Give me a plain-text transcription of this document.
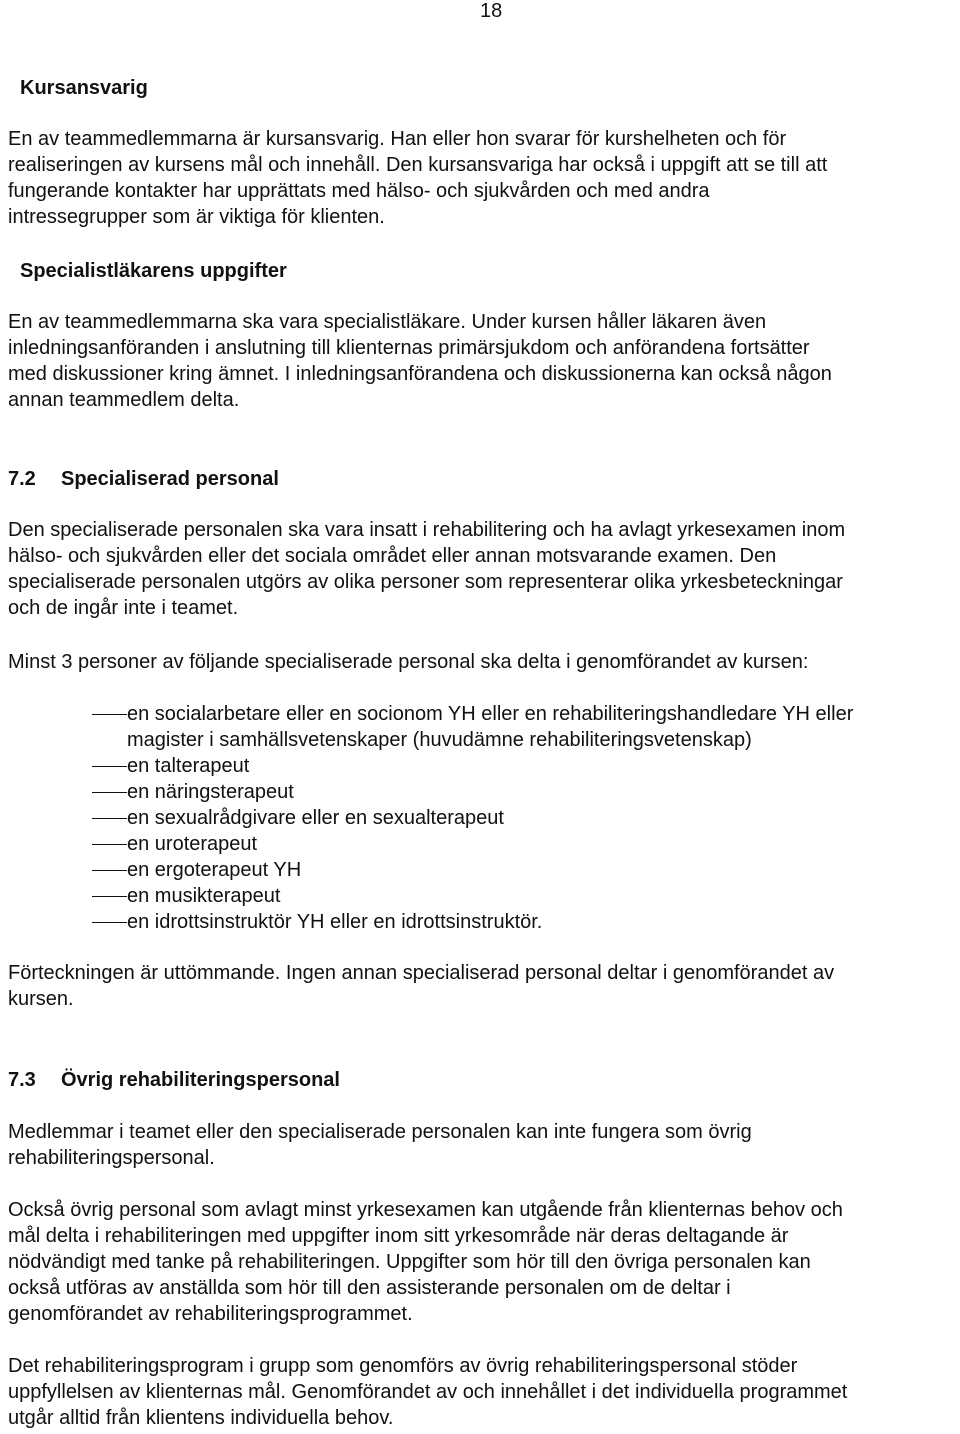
18
Kursansvarig
En av teammedlemmarna är kursansvarig. Han eller hon svarar för kurshelheten och för
realiseringen av kursens mål och innehåll. Den kursansvariga har också i uppgift att se till att
fungerande kontakter har upprättats med hälso- och sjukvården och med andra
intressegrupper som är viktiga för klienten.
Specialistläkarens uppgifter
En av teammedlemmarna ska vara specialistläkare. Under kursen håller läkaren även
inledningsanföranden i anslutning till klienternas primärsjukdom och anförandena fortsätter
med diskussioner kring ämnet. I inledningsanförandena och diskussionerna kan också någon
annan teammedlem delta.
7.2 Specialiserad personal
Den specialiserade personalen ska vara insatt i rehabilitering och ha avlagt yrkesexamen inom
hälso- och sjukvården eller det sociala området eller annan motsvarande examen. Den
specialiserade personalen utgörs av olika personer som representerar olika yrkesbeteckningar
och de ingår inte i teamet.
Minst 3 personer av följande specialiserade personal ska delta i genomförandet av kursen:
en socialarbetare eller en socionom YH eller en rehabiliteringshandledare YH eller
magister i samhällsvetenskaper (huvudämne rehabiliteringsvetenskap)
en talterapeut
en näringsterapeut
en sexualrådgivare eller en sexualterapeut
en uroterapeut
en ergoterapeut YH
en musikterapeut
en idrottsinstruktör YH eller en idrottsinstruktör.
Förteckningen är uttömmande. Ingen annan specialiserad personal deltar i genomförandet av
kursen.
7.3 Övrig rehabiliteringspersonal
Medlemmar i teamet eller den specialiserade personalen kan inte fungera som övrig
rehabiliteringspersonal.
Också övrig personal som avlagt minst yrkesexamen kan utgående från klienternas behov och
mål delta i rehabiliteringen med uppgifter inom sitt yrkesområde när deras deltagande är
nödvändigt med tanke på rehabiliteringen. Uppgifter som hör till den övriga personalen kan
också utföras av anställda som hör till den assisterande personalen om de deltar i
genomförandet av rehabiliteringsprogrammet.
Det rehabiliteringsprogram i grupp som genomförs av övrig rehabiliteringspersonal stöder
uppfyllelsen av klienternas mål. Genomförandet av och innehållet i det individuella programmet
utgår alltid från klientens individuella behov.
